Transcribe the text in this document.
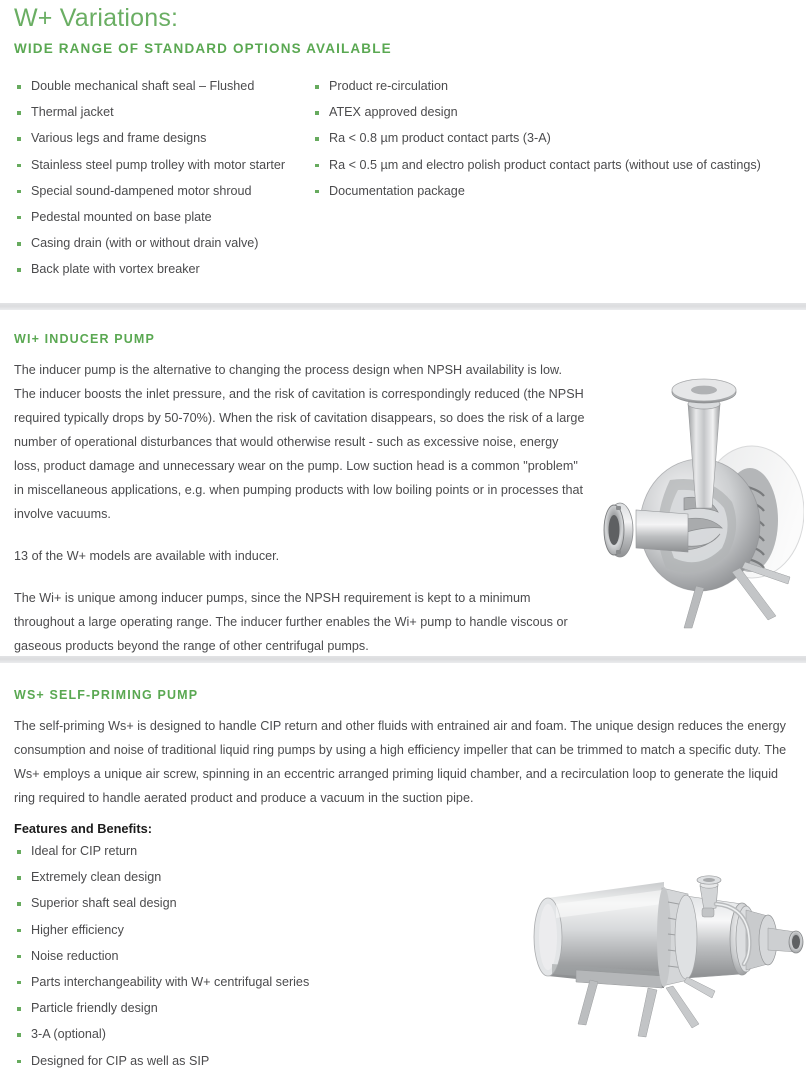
W+ Variations:
WIDE RANGE OF STANDARD OPTIONS AVAILABLE
Double mechanical shaft seal – Flushed
Thermal jacket
Various legs and frame designs
Stainless steel pump trolley with motor starter
Special sound-dampened motor shroud
Pedestal mounted on base plate
Casing drain (with or without drain valve)
Back plate with vortex breaker
Product re-circulation
ATEX approved design
Ra < 0.8 µm product contact parts (3-A)
Ra < 0.5 µm and electro polish product contact parts (without use of castings)
Documentation package
WI+ INDUCER PUMP

The inducer pump is the alternative to changing the process design when NPSH availability is low. The inducer boosts the inlet pressure, and the risk of cavitation is correspondingly reduced (the NPSH required typically drops by 50-70%). When the risk of cavitation disappears, so does the risk of a large number of operational disturbances that would otherwise result - such as excessive noise, energy loss, product damage and unnecessary wear on the pump. Low suction head is a common "problem" in miscellaneous applications, e.g. when pumping products with low boiling points or in processes that involve vacuums.

13 of the W+ models are available with inducer.

The Wi+ is unique among inducer pumps, since the NPSH requirement is kept to a minimum throughout a large operating range. The inducer further enables the Wi+ pump to handle viscous or gaseous products beyond the range of other centrifugal pumps.

WS+ SELF-PRIMING PUMP

The self-priming Ws+ is designed to handle CIP return and other fluids with entrained air and foam. The unique design reduces the energy consumption and noise of traditional liquid ring pumps by using a high efficiency impeller that can be trimmed to match a specific duty. The Ws+ employs a unique air screw, spinning in an eccentric arranged priming liquid chamber, and a recirculation loop to generate the liquid ring required to handle aerated product and produce a vacuum in the suction pipe.

Features and Benefits:
Ideal for CIP return
Extremely clean design
Superior shaft seal design
Higher efficiency
Noise reduction
Parts interchangeability with W+ centrifugal series
Particle friendly design
3-A (optional)
Designed for CIP as well as SIP
